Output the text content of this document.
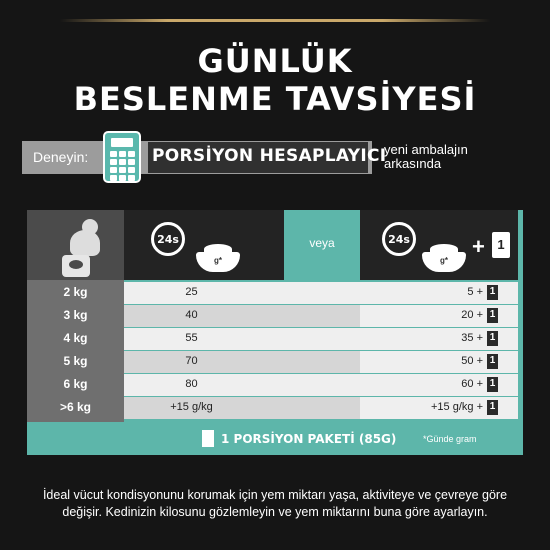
GÜNLÜK
BESLENME TAVSİYESİ
Deneyin:	PORSİYON HESAPLAYICI
yeni ambalajın arkasında
24s
g*
veya	24s
g*
+ 1
2 kg	25	5 + 1
3 kg	40	20 + 1
4 kg	55	35 + 1
5 kg	70	50 + 1
6 kg	80	60 + 1
>6 kg	+15 g/kg	+15 g/kg + 1
1 PORSİYON PAKETİ (85G)	*Günde gram
İdeal vücut kondisyonunu korumak için yem miktarı yaşa, aktiviteye ve çevreye göre değişir. Kedinizin kilosunu gözlemleyin ve yem miktarını buna göre ayarlayın.
